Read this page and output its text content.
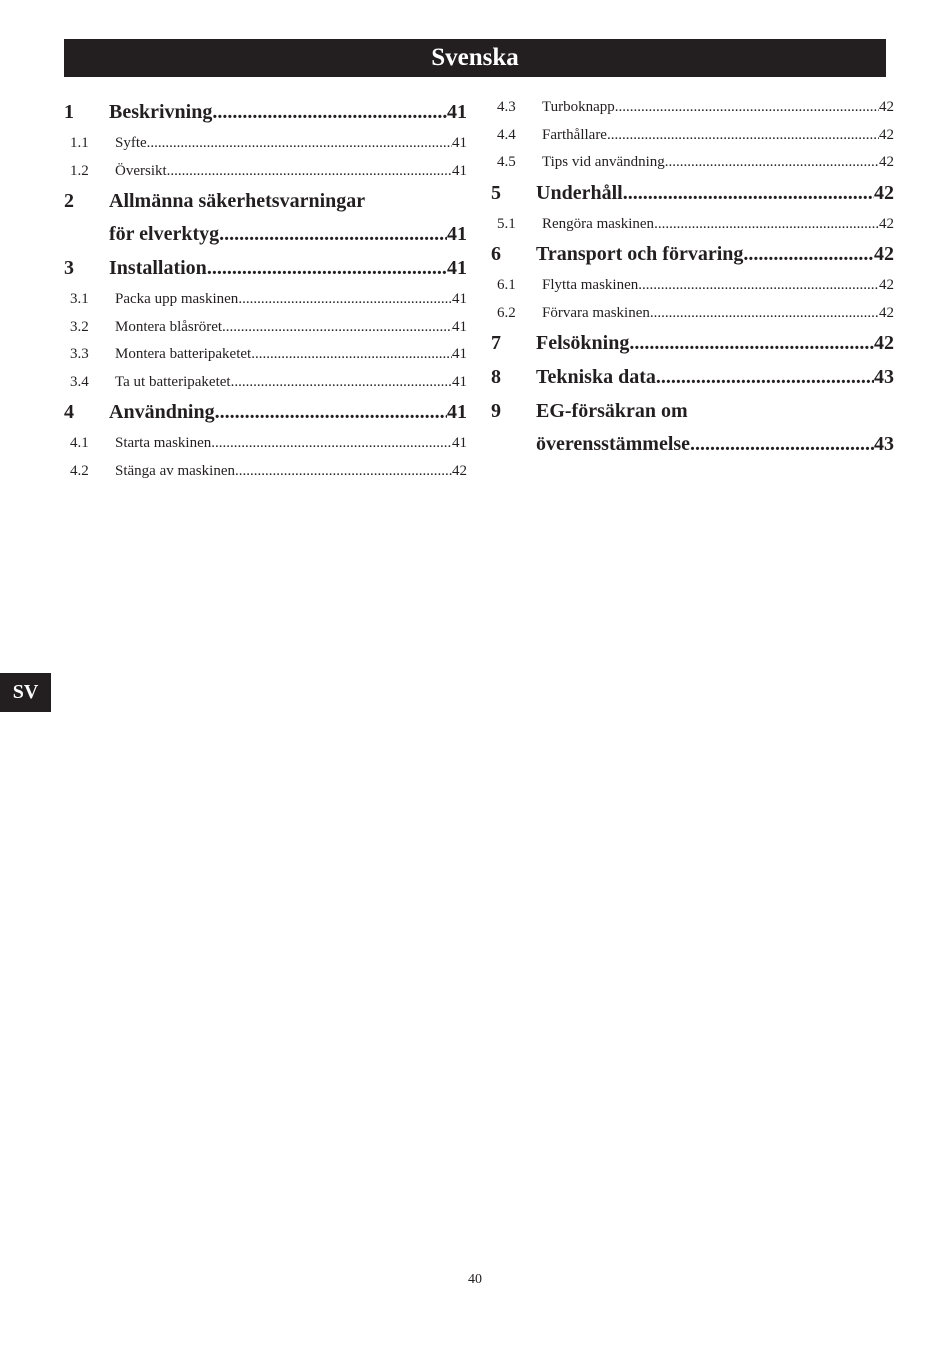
Svenska
1	Beskrivning .....	41
1.1	Syfte .....	41
1.2	Översikt .....	41
2	Allmänna säkerhetsvarningar
för elverktyg .....	41
3	Installation .....	41
3.1	Packa upp maskinen .....	41
3.2	Montera blåsröret .....	41
3.3	Montera batteripaketet .....	41
3.4	Ta ut batteripaketet .....	41
4	Användning .....	41
4.1	Starta maskinen .....	41
4.2	Stänga av maskinen .....	42
4.3	Turboknapp .....	42
4.4	Farthållare .....	42
4.5	Tips vid användning .....	42
5	Underhåll .....	42
5.1	Rengöra maskinen .....	42
6	Transport och förvaring .....	42
6.1	Flytta maskinen .....	42
6.2	Förvara maskinen .....	42
7	Felsökning .....	42
8	Tekniska data .....	43
9	EG-försäkran om
överensstämmelse .....	43
SV
40
